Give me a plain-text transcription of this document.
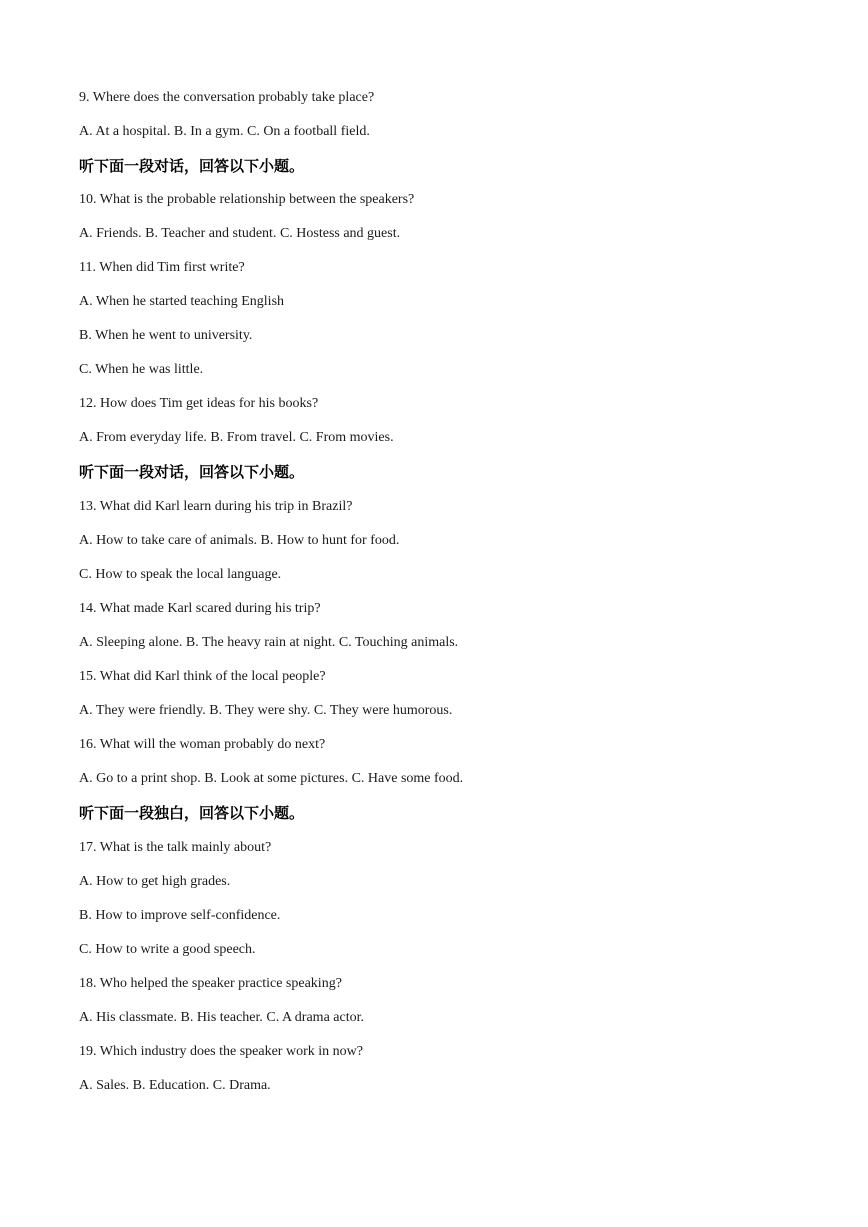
9. Where does the conversation probably take place?
A. At a hospital. B. In a gym. C. On a football field.
听下面一段对话，回答以下小题。
10. What is the probable relationship between the speakers?
A. Friends. B. Teacher and student. C. Hostess and guest.
11. When did Tim first write?
A. When he started teaching English
B. When he went to university.
C. When he was little.
12. How does Tim get ideas for his books?
A. From everyday life. B. From travel. C. From movies.
听下面一段对话，回答以下小题。
13. What did Karl learn during his trip in Brazil?
A. How to take care of animals. B. How to hunt for food.
C. How to speak the local language.
14. What made Karl scared during his trip?
A. Sleeping alone. B. The heavy rain at night. C. Touching animals.
15. What did Karl think of the local people?
A. They were friendly. B. They were shy. C. They were humorous.
16. What will the woman probably do next?
A. Go to a print shop. B. Look at some pictures. C. Have some food.
听下面一段独白，回答以下小题。
17. What is the talk mainly about?
A. How to get high grades.
B. How to improve self-confidence.
C. How to write a good speech.
18. Who helped the speaker practice speaking?
A. His classmate. B. His teacher. C. A drama actor.
19. Which industry does the speaker work in now?
A. Sales. B. Education. C. Drama.
